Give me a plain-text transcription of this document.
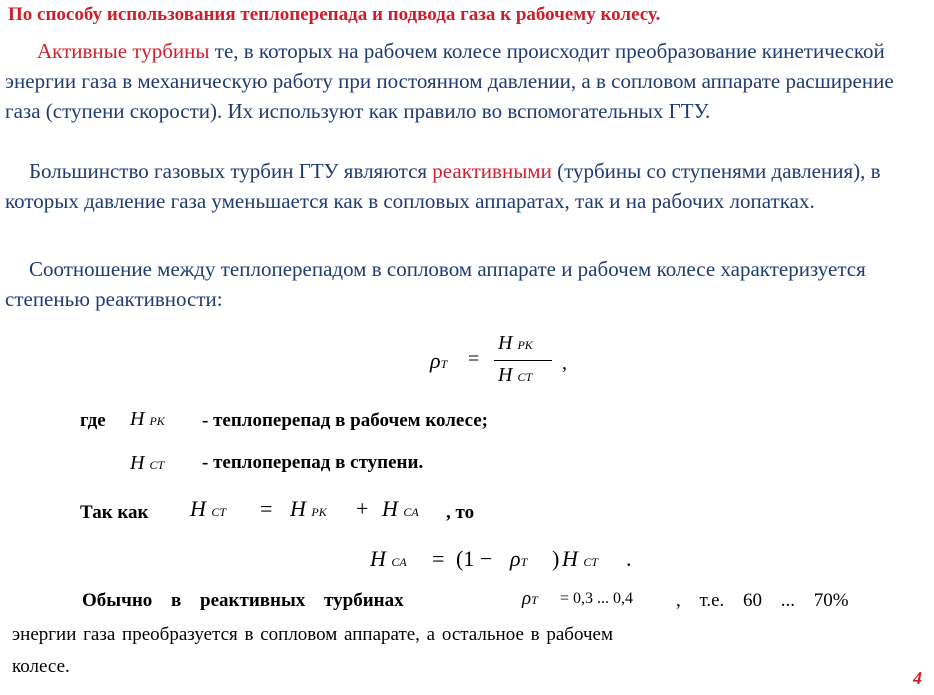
По способу использования теплоперепада и подвода газа к рабочему колесу.

Активные турбины те, в которых на рабочем колесе происходит преобразование кинетической энергии газа в механическую работу при постоянном давлении, а в сопловом аппарате расширение газа (ступени скорости). Их используют как правило во вспомогательных ГТУ.

Большинство газовых турбин ГТУ являются реактивными (турбины со ступенями давления), в которых давление газа уменьшается как в сопловых аппаратах, так и на рабочих лопатках.

Соотношение между теплоперепадом в сопловом аппарате и рабочем колесе характеризуется степенью реактивности:

ρT =
H PK
H CT
,
где H PK - теплоперепад в рабочем колесе;
H CT - теплоперепад в ступени.
Так как H CT = H PK + H CA , то
H CA = (1 − ρT ) H CT .
Обычно в реактивных турбинах	ρT = 0,3 ... 0,4 , т.е. 60 ... 70%
энергии газа преобразуется в сопловом аппарате, а остальное в рабочем
колесе.
4
